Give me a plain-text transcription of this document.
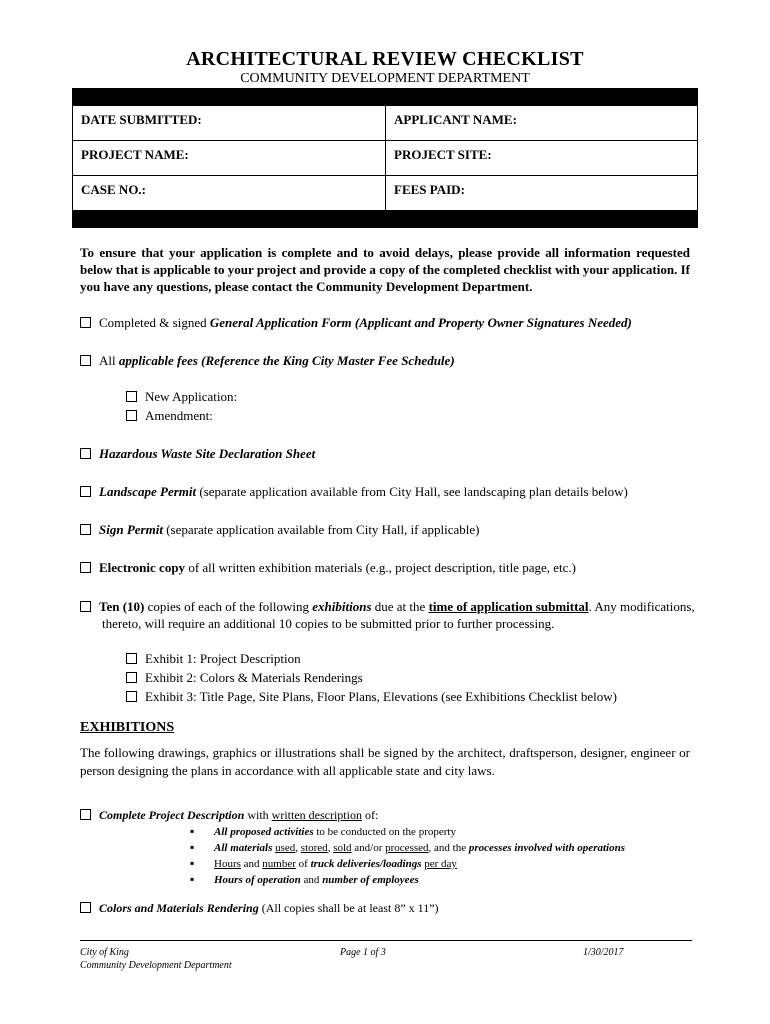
ARCHITECTURAL REVIEW CHECKLIST
COMMUNITY DEVELOPMENT DEPARTMENT

DATE SUBMITTED:	APPLICANT NAME:
PROJECT NAME:	PROJECT SITE:
CASE NO.:	FEES PAID:

To ensure that your application is complete and to avoid delays, please provide all information requested below that is applicable to your project and provide a copy of the completed checklist with your application. If you have any questions, please contact the Community Development Department.
Completed & signed General Application Form (Applicant and Property Owner Signatures Needed)
All applicable fees (Reference the King City Master Fee Schedule)
New Application:
Amendment:
Hazardous Waste Site Declaration Sheet
Landscape Permit (separate application available from City Hall, see landscaping plan details below)
Sign Permit (separate application available from City Hall, if applicable)
Electronic copy of all written exhibition materials (e.g., project description, title page, etc.)
Ten (10) copies of each of the following exhibitions due at the time of application submittal. Any modifications, thereto, will require an additional 10 copies to be submitted prior to further processing.
Exhibit 1: Project Description
Exhibit 2: Colors & Materials Renderings
Exhibit 3: Title Page, Site Plans, Floor Plans, Elevations (see Exhibitions Checklist below)
EXHIBITIONS
The following drawings, graphics or illustrations shall be signed by the architect, draftsperson, designer, engineer or person designing the plans in accordance with all applicable state and city laws.
Complete Project Description with written description of:
▪ All proposed activities to be conducted on the property
▪ All materials used, stored, sold and/or processed, and the processes involved with operations
▪ Hours and number of truck deliveries/loadings per day
▪ Hours of operation and number of employees
Colors and Materials Rendering (All copies shall be at least 8” x 11”)
City of King
Community Development Department
Page 1 of 3	1/30/2017
